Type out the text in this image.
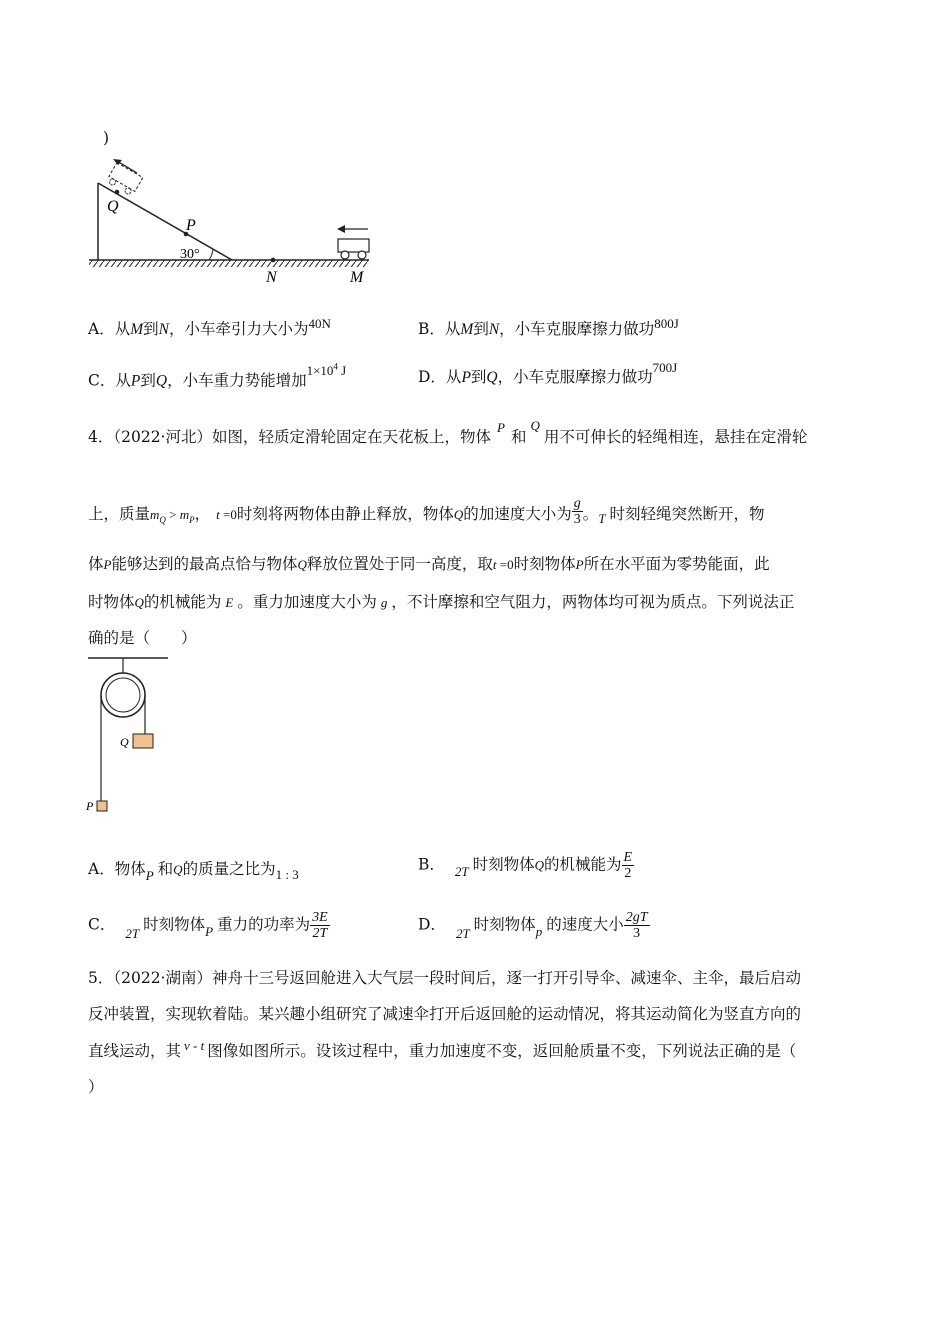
)
Q
P
30°
N	M
A．从M到N，小车牵引力大小为$^{40N}$	B．从M到N，小车克服摩擦力做功$^{800J}$
C．从P到Q，小车重力势能增加$^{1\times 10^4 J}$	D．从P到Q，小车克服摩擦力做功$^{700J}$
4．（2022·河北）如图，轻质定滑轮固定在天花板上，物体$^P$和$^Q$用不可伸长的轻绳相连，悬挂在定滑轮
上，质量$m_Q > m_P$， t =0时刻将两物体由静止释放，物体Q的加速度大小为 $\frac{g}{3}$ 。$_T$ 时刻轻绳突然断开，物
体P能够达到的最高点恰与物体Q释放位置处于同一高度，取t =0时刻物体P所在水平面为零势能面，此
时物体Q的机械能为 E 。重力加速度大小为 g ，不计摩擦和空气阻力，两物体均可视为质点。下列说法正
确的是（　　）
Q
P
A．物体$_P$ 和Q的质量之比为$_{1 : 3}$
B． $_{2T}$ 时刻物体Q的机械能为 $\frac{E}{2}$
C． $_{2T}$ 时刻物体$_P$ 重力的功率为 $\frac{3E}{2T}$	D． $_{2T}$ 时刻物体$_p$ 的速度大小 $\frac{2gT}{3}$
5．（2022·湖南）神舟十三号返回舱进入大气层一段时间后，逐一打开引导伞、减速伞、主伞，最后启动
反冲装置，实现软着陆。某兴趣小组研究了减速伞打开后返回舱的运动情况，将其运动简化为竖直方向的
直线运动，其 $^{v - t}$ 图像如图所示。设该过程中，重力加速度不变，返回舱质量不变，下列说法正确的是（
）
